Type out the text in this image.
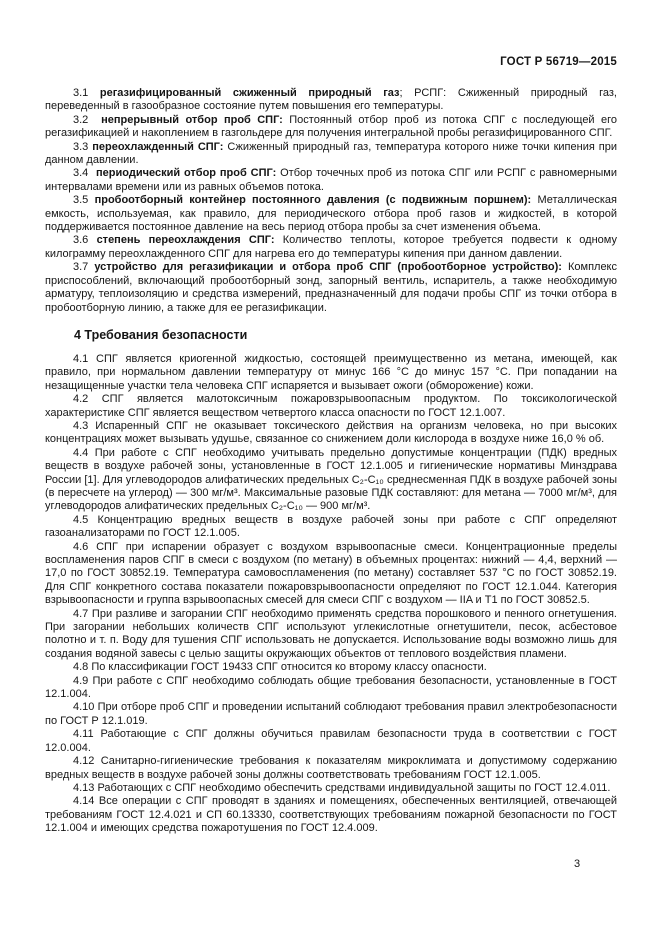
ГОСТ Р 56719—2015

3.1 регазифицированный сжиженный природный газ; РСПГ: Сжиженный природный газ, переведенный в газообразное состояние путем повышения его температуры.

3.2  непрерывный отбор проб СПГ: Постоянный отбор проб из потока СПГ с последующей его регазификацией и накоплением в газгольдере для получения интегральной пробы регазифицированного СПГ.

3.3 переохлажденный СПГ: Сжиженный природный газ, температура которого ниже точки кипения при данном давлении.

3.4  периодический отбор проб СПГ: Отбор точечных проб из потока СПГ или РСПГ с равномерными интервалами времени или из равных объемов потока.

3.5 пробоотборный контейнер постоянного давления (с подвижным поршнем): Металлическая емкость, используемая, как правило, для периодического отбора проб газов и жидкостей, в которой поддерживается постоянное давление на весь период отбора пробы за счет изменения объема.

3.6 степень переохлаждения СПГ: Количество теплоты, которое требуется подвести к одному килограмму переохлажденного СПГ для нагрева его до температуры кипения при данном давлении.

3.7 устройство для регазификации и отбора проб СПГ (пробоотборное устройство): Комплекс приспособлений, включающий пробоотборный зонд, запорный вентиль, испаритель, а также необходимую арматуру, теплоизоляцию и средства измерений, предназначенный для подачи пробы СПГ из точки отбора в пробоотборную линию, а также для ее регазификации.

4 Требования безопасности

4.1 СПГ является криогенной жидкостью, состоящей преимущественно из метана, имеющей, как правило, при нормальном давлении температуру от минус 166 °С до минус 157 °С. При попадании на незащищенные участки тела человека СПГ испаряется и вызывает ожоги (обморожение) кожи.

4.2 СПГ является малотоксичным пожаровзрывоопасным продуктом. По токсикологической характеристике СПГ является веществом четвертого класса опасности по ГОСТ 12.1.007.

4.3 Испаренный СПГ не оказывает токсического действия на организм человека, но при высоких концентрациях может вызывать удушье, связанное со снижением доли кислорода в воздухе ниже 16,0 % об.

4.4 При работе с СПГ необходимо учитывать предельно допустимые концентрации (ПДК) вредных веществ в воздухе рабочей зоны, установленные в ГОСТ 12.1.005 и гигиенические нормативы Минздрава России [1]. Для углеводородов алифатических предельных С₂-С₁₀ среднесменная ПДК в воздухе рабочей зоны (в пересчете на углерод) — 300 мг/м³. Максимальные разовые ПДК составляют: для метана — 7000 мг/м³, для углеводородов алифатических предельных С₂-С₁₀ — 900 мг/м³.

4.5 Концентрацию вредных веществ в воздухе рабочей зоны при работе с СПГ определяют газоанализаторами по ГОСТ 12.1.005.

4.6 СПГ при испарении образует с воздухом взрывоопасные смеси. Концентрационные пределы воспламенения паров СПГ в смеси с воздухом (по метану) в объемных процентах: нижний — 4,4, верхний — 17,0 по ГОСТ 30852.19. Температура самовоспламенения (по метану) составляет 537 °С по ГОСТ 30852.19. Для СПГ конкретного состава показатели пожаровзрывоопасности определяют по ГОСТ 12.1.044. Категория взрывоопасности и группа взрывоопасных смесей для смеси СПГ с воздухом — IIA и Т1 по ГОСТ 30852.5.

4.7 При разливе и загорании СПГ необходимо применять средства порошкового и пенного огнетушения. При загорании небольших количеств СПГ используют углекислотные огнетушители, песок, асбестовое полотно и т. п. Воду для тушения СПГ использовать не допускается. Использование воды возможно лишь для создания водяной завесы с целью защиты окружающих объектов от теплового воздействия пламени.

4.8 По классификации ГОСТ 19433 СПГ относится ко второму классу опасности.

4.9 При работе с СПГ необходимо соблюдать общие требования безопасности, установленные в ГОСТ 12.1.004.

4.10 При отборе проб СПГ и проведении испытаний соблюдают требования правил электробезопасности по ГОСТ Р 12.1.019.

4.11 Работающие с СПГ должны обучиться правилам безопасности труда в соответствии с ГОСТ 12.0.004.

4.12 Санитарно-гигиенические требования к показателям микроклимата и допустимому содержанию вредных веществ в воздухе рабочей зоны должны соответствовать требованиям ГОСТ 12.1.005.

4.13 Работающих с СПГ необходимо обеспечить средствами индивидуальной защиты по ГОСТ 12.4.011.

4.14 Все операции с СПГ проводят в зданиях и помещениях, обеспеченных вентиляцией, отвечающей требованиям ГОСТ 12.4.021 и СП 60.13330, соответствующих требованиям пожарной безопасности по ГОСТ 12.1.004 и имеющих средства пожаротушения по ГОСТ 12.4.009.

3
